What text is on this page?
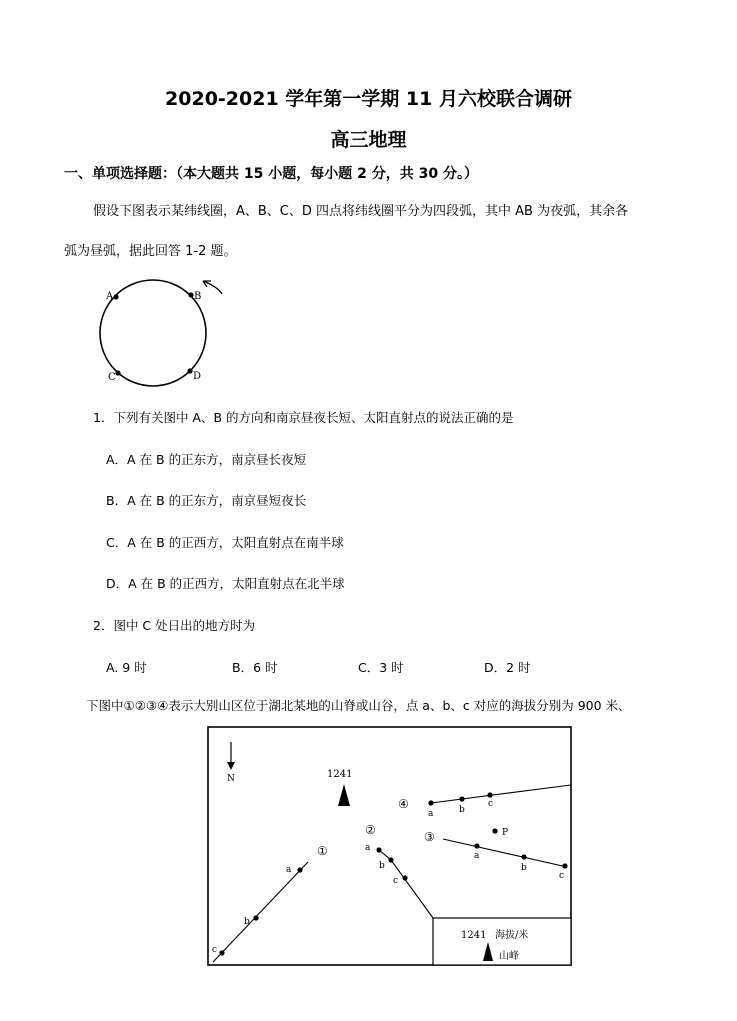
2020-2021 学年第一学期 11 月六校联合调研
高三地理
一、单项选择题：（本大题共 15 小题，每小题 2 分，共 30 分。）
假设下图表示某纬线圈，A、B、C、D 四点将纬线圈平分为四段弧，其中 AB 为夜弧，其余各
弧为昼弧，据此回答 1-2 题。
A	B
C	D
1．下列有关图中 A、B 的方向和南京昼夜长短、太阳直射点的说法正确的是
A．A 在 B 的正东方，南京昼长夜短
B．A 在 B 的正东方，南京昼短夜长
C．A 在 B 的正西方，太阳直射点在南半球
D．A 在 B 的正西方，太阳直射点在北半球
2．图中 C 处日出的地方时为
A. 9 时	B．6 时	C．3 时	D．2 时
下图中①②③④表示大别山区位于湖北某地的山脊或山谷，点 a、b、c 对应的海拔分别为 900 米、
N	1241
④
a	b
c
P
③
a
b
c
②
a
b
c
①
a
b
c
1241 海拔/米
山峰
